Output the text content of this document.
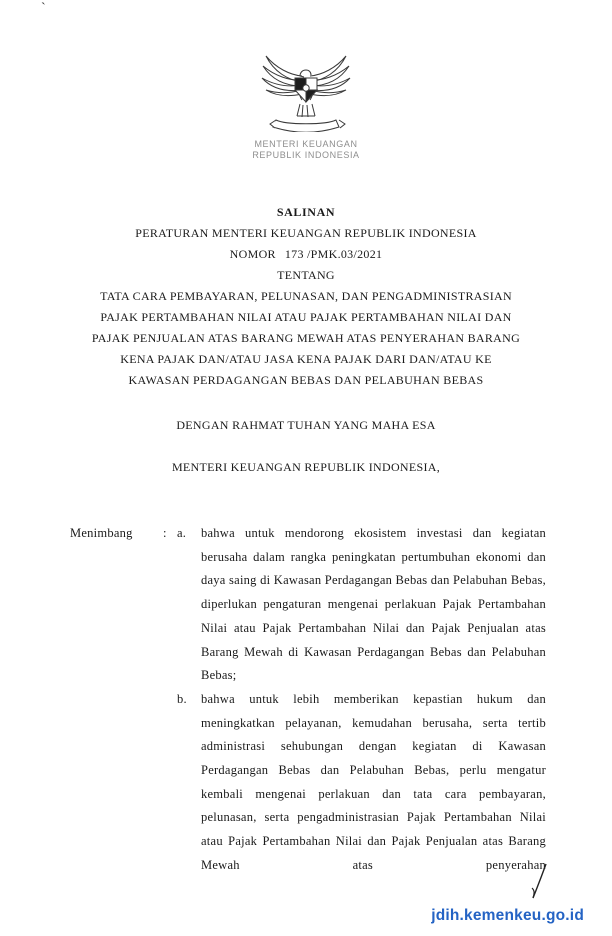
`
MENTERI KEUANGAN
REPUBLIK INDONESIA
SALINAN
PERATURAN MENTERI KEUANGAN REPUBLIK INDONESIA
NOMOR 173 /PMK.03/2021
TENTANG
TATA CARA PEMBAYARAN, PELUNASAN, DAN PENGADMINISTRASIAN
PAJAK PERTAMBAHAN NILAI ATAU PAJAK PERTAMBAHAN NILAI DAN
PAJAK PENJUALAN ATAS BARANG MEWAH ATAS PENYERAHAN BARANG
KENA PAJAK DAN/ATAU JASA KENA PAJAK DARI DAN/ATAU KE
KAWASAN PERDAGANGAN BEBAS DAN PELABUHAN BEBAS
DENGAN RAHMAT TUHAN YANG MAHA ESA
MENTERI KEUANGAN REPUBLIK INDONESIA,
Menimbang	: a.	bahwa untuk mendorong ekosistem investasi dan kegiatan berusaha dalam rangka peningkatan pertumbuhan ekonomi dan daya saing di Kawasan Perdagangan Bebas dan Pelabuhan Bebas, diperlukan pengaturan mengenai perlakuan Pajak Pertambahan Nilai atau Pajak Pertambahan Nilai dan Pajak Penjualan atas Barang Mewah di Kawasan Perdagangan Bebas dan Pelabuhan Bebas;
b.	bahwa untuk lebih memberikan kepastian hukum dan meningkatkan pelayanan, kemudahan berusaha, serta tertib administrasi sehubungan dengan kegiatan di Kawasan Perdagangan Bebas dan Pelabuhan Bebas, perlu mengatur kembali mengenai perlakuan dan tata cara pembayaran, pelunasan, serta pengadministrasian Pajak Pertambahan Nilai atau Pajak Pertambahan Nilai dan Pajak Penjualan atas Barang Mewah atas penyerahan
jdih.kemenkeu.go.id
